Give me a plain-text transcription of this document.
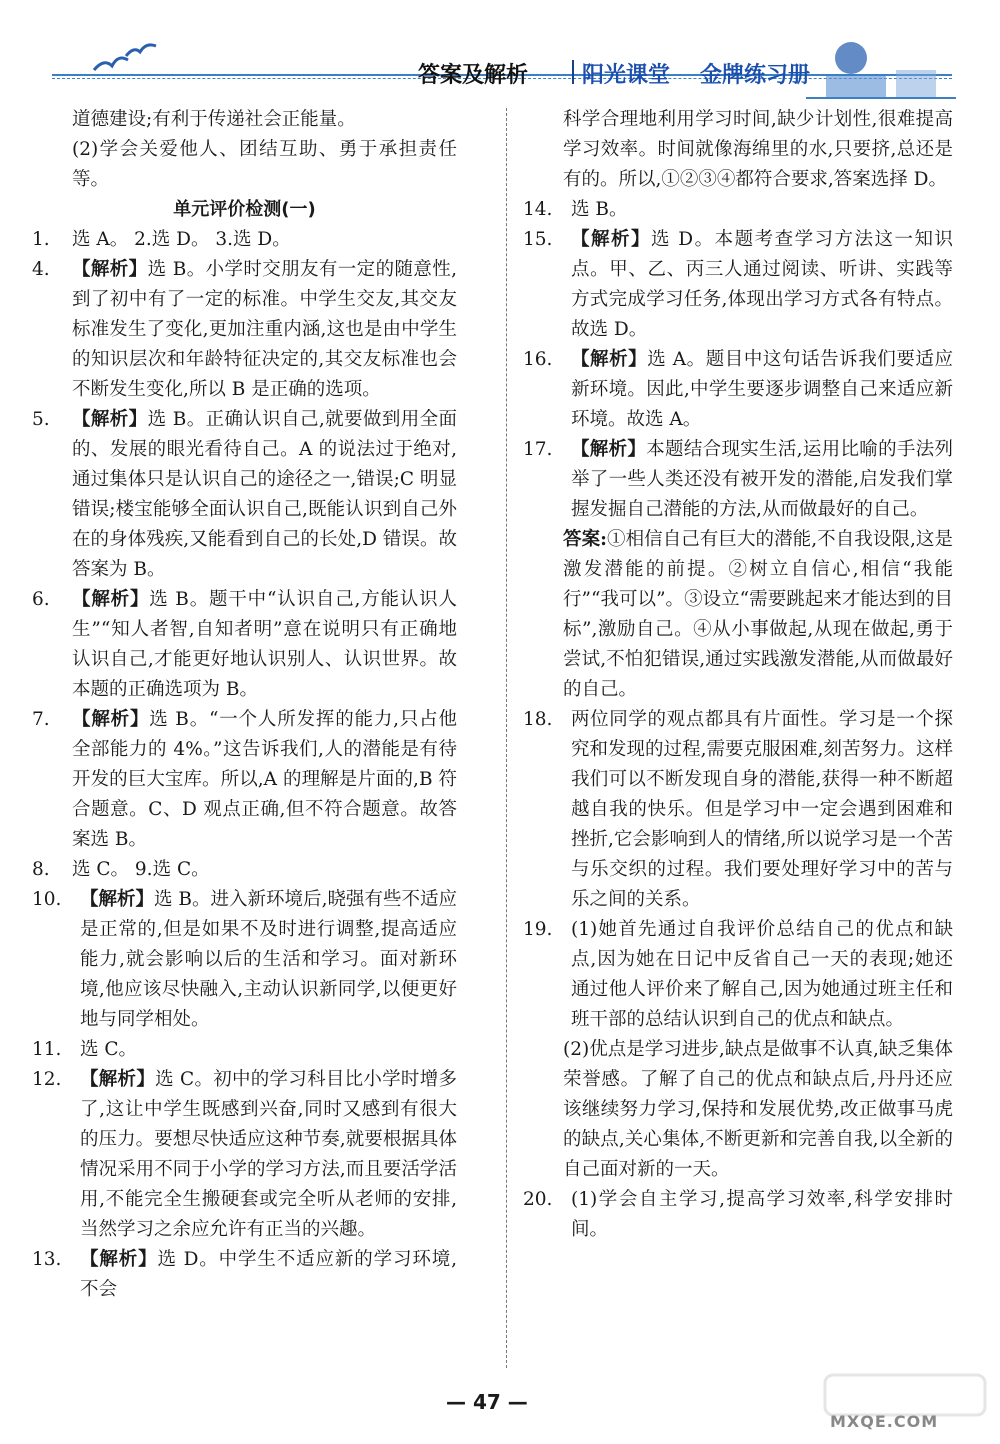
答案及解析 阳光课堂 金牌练习册

道德建设;有利于传递社会正能量。

(2)学会关爱他人、团结互助、勇于承担责任等。

单元评价检测(一)

1. 选 A。 2.选 D。 3.选 D。

4. 【解析】选 B。小学时交朋友有一定的随意性,到了初中有了一定的标准。中学生交友,其交友标准发生了变化,更加注重内涵,这也是由中学生的知识层次和年龄特征决定的,其交友标准也会不断发生变化,所以 B 是正确的选项。

5. 【解析】选 B。正确认识自己,就要做到用全面的、发展的眼光看待自己。A 的说法过于绝对,通过集体只是认识自己的途径之一,错误;C 明显错误;楼宝能够全面认识自己,既能认识到自己外在的身体残疾,又能看到自己的长处,D 错误。故答案为 B。

6. 【解析】选 B。题干中“认识自己,方能认识人生”“知人者智,自知者明”意在说明只有正确地认识自己,才能更好地认识别人、认识世界。故本题的正确选项为 B。

7. 【解析】选 B。“一个人所发挥的能力,只占他全部能力的 4%。”这告诉我们,人的潜能是有待开发的巨大宝库。所以,A 的理解是片面的,B 符合题意。C、D 观点正确,但不符合题意。故答案选 B。

8. 选 C。 9.选 C。

10. 【解析】选 B。进入新环境后,晓强有些不适应是正常的,但是如果不及时进行调整,提高适应能力,就会影响以后的生活和学习。面对新环境,他应该尽快融入,主动认识新同学,以便更好地与同学相处。

11. 选 C。

12. 【解析】选 C。初中的学习科目比小学时增多了,这让中学生既感到兴奋,同时又感到有很大的压力。要想尽快适应这种节奏,就要根据具体情况采用不同于小学的学习方法,而且要活学活用,不能完全生搬硬套或完全听从老师的安排,当然学习之余应允许有正当的兴趣。

13. 【解析】选 D。中学生不适应新的学习环境,不会

科学合理地利用学习时间,缺少计划性,很难提高学习效率。时间就像海绵里的水,只要挤,总还是有的。所以,①②③④都符合要求,答案选择 D。

14. 选 B。

15. 【解析】选 D。本题考查学习方法这一知识点。甲、乙、丙三人通过阅读、听讲、实践等方式完成学习任务,体现出学习方式各有特点。故选 D。

16. 【解析】选 A。题目中这句话告诉我们要适应新环境。因此,中学生要逐步调整自己来适应新环境。故选 A。

17. 【解析】本题结合现实生活,运用比喻的手法列举了一些人类还没有被开发的潜能,启发我们掌握发掘自己潜能的方法,从而做最好的自己。

答案:①相信自己有巨大的潜能,不自我设限,这是激发潜能的前提。②树立自信心,相信“我能行”“我可以”。③设立“需要跳起来才能达到的目标”,激励自己。④从小事做起,从现在做起,勇于尝试,不怕犯错误,通过实践激发潜能,从而做最好的自己。

18. 两位同学的观点都具有片面性。学习是一个探究和发现的过程,需要克服困难,刻苦努力。这样我们可以不断发现自身的潜能,获得一种不断超越自我的快乐。但是学习中一定会遇到困难和挫折,它会影响到人的情绪,所以说学习是一个苦与乐交织的过程。我们要处理好学习中的苦与乐之间的关系。

19. (1)她首先通过自我评价总结自己的优点和缺点,因为她在日记中反省自己一天的表现;她还通过他人评价来了解自己,因为她通过班主任和班干部的总结认识到自己的优点和缺点。

(2)优点是学习进步,缺点是做事不认真,缺乏集体荣誉感。了解了自己的优点和缺点后,丹丹还应该继续努力学习,保持和发展优势,改正做事马虎的缺点,关心集体,不断更新和完善自我,以全新的自己面对新的一天。

20. (1)学会自主学习,提高学习效率,科学安排时间。

— 47 —
MXQE.COM
